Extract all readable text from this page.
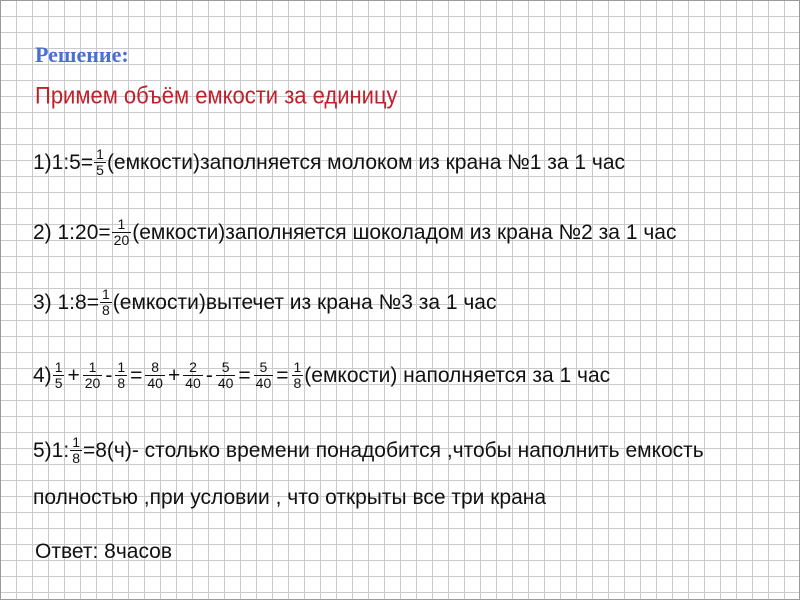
Решение:
Примем объём емкости за единицу
1)1:5= $\frac{1}{5}$ (емкости)заполняется молоком из крана №1 за 1 час
2) 1:20= $\frac{1}{20}$ (емкости)заполняется шоколадом из крана №2 за 1 час
3) 1:8= $\frac{1}{8}$ (емкости)вытечет из крана №3 за 1 час
$4) \frac{1}{5} + \frac{1}{20} - \frac{1}{8} = \frac{8}{40} + \frac{2}{40} - \frac{5}{40} = \frac{5}{40} = \frac{1}{8}$ (емкости) наполняется за 1 час
5)1: $\frac{1}{8} =8(ч)-$ столько времени понадобится ,чтобы наполнить емкость
полностью ,при условии , что открыты все три крана
Ответ: 8часов
